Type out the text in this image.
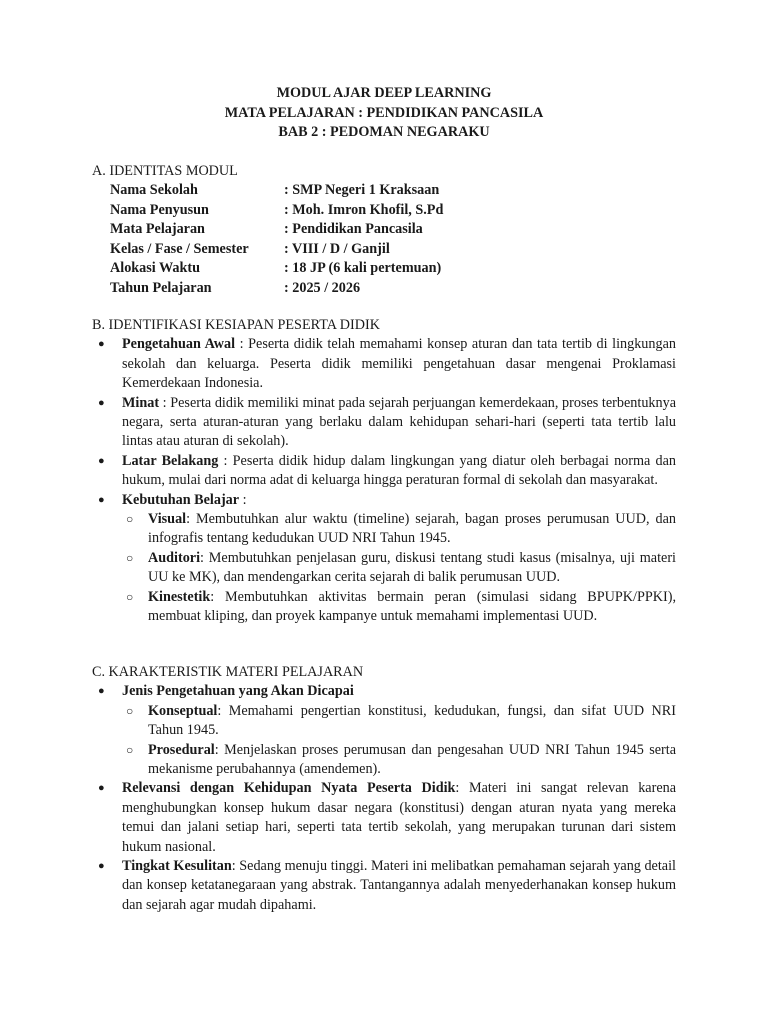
MODUL AJAR DEEP LEARNING
MATA PELAJARAN : PENDIDIKAN PANCASILA
BAB 2 : PEDOMAN NEGARAKU
A. IDENTITAS MODUL
Nama Sekolah	: SMP Negeri 1 Kraksaan
Nama Penyusun	: Moh. Imron Khofil, S.Pd
Mata Pelajaran	: Pendidikan Pancasila
Kelas / Fase / Semester	: VIII / D / Ganjil
Alokasi Waktu	: 18 JP (6 kali pertemuan)
Tahun Pelajaran	: 2025 / 2026
B. IDENTIFIKASI KESIAPAN PESERTA DIDIK
● Pengetahuan Awal : Peserta didik telah memahami konsep aturan dan tata tertib di lingkungan sekolah dan keluarga. Peserta didik memiliki pengetahuan dasar mengenai Proklamasi Kemerdekaan Indonesia.
● Minat : Peserta didik memiliki minat pada sejarah perjuangan kemerdekaan, proses terbentuknya negara, serta aturan-aturan yang berlaku dalam kehidupan sehari-hari (seperti tata tertib lalu lintas atau aturan di sekolah).
● Latar Belakang : Peserta didik hidup dalam lingkungan yang diatur oleh berbagai norma dan hukum, mulai dari norma adat di keluarga hingga peraturan formal di sekolah dan masyarakat.
● Kebutuhan Belajar :
○ Visual: Membutuhkan alur waktu (timeline) sejarah, bagan proses perumusan UUD, dan infografis tentang kedudukan UUD NRI Tahun 1945.
○ Auditori: Membutuhkan penjelasan guru, diskusi tentang studi kasus (misalnya, uji materi UU ke MK), dan mendengarkan cerita sejarah di balik perumusan UUD.
○ Kinestetik: Membutuhkan aktivitas bermain peran (simulasi sidang BPUPK/PPKI), membuat kliping, dan proyek kampanye untuk memahami implementasi UUD.
C. KARAKTERISTIK MATERI PELAJARAN
● Jenis Pengetahuan yang Akan Dicapai
○ Konseptual: Memahami pengertian konstitusi, kedudukan, fungsi, dan sifat UUD NRI Tahun 1945.
○ Prosedural: Menjelaskan proses perumusan dan pengesahan UUD NRI Tahun 1945 serta mekanisme perubahannya (amendemen).
● Relevansi dengan Kehidupan Nyata Peserta Didik: Materi ini sangat relevan karena menghubungkan konsep hukum dasar negara (konstitusi) dengan aturan nyata yang mereka temui dan jalani setiap hari, seperti tata tertib sekolah, yang merupakan turunan dari sistem hukum nasional.
● Tingkat Kesulitan: Sedang menuju tinggi. Materi ini melibatkan pemahaman sejarah yang detail dan konsep ketatanegaraan yang abstrak. Tantangannya adalah menyederhanakan konsep hukum dan sejarah agar mudah dipahami.
